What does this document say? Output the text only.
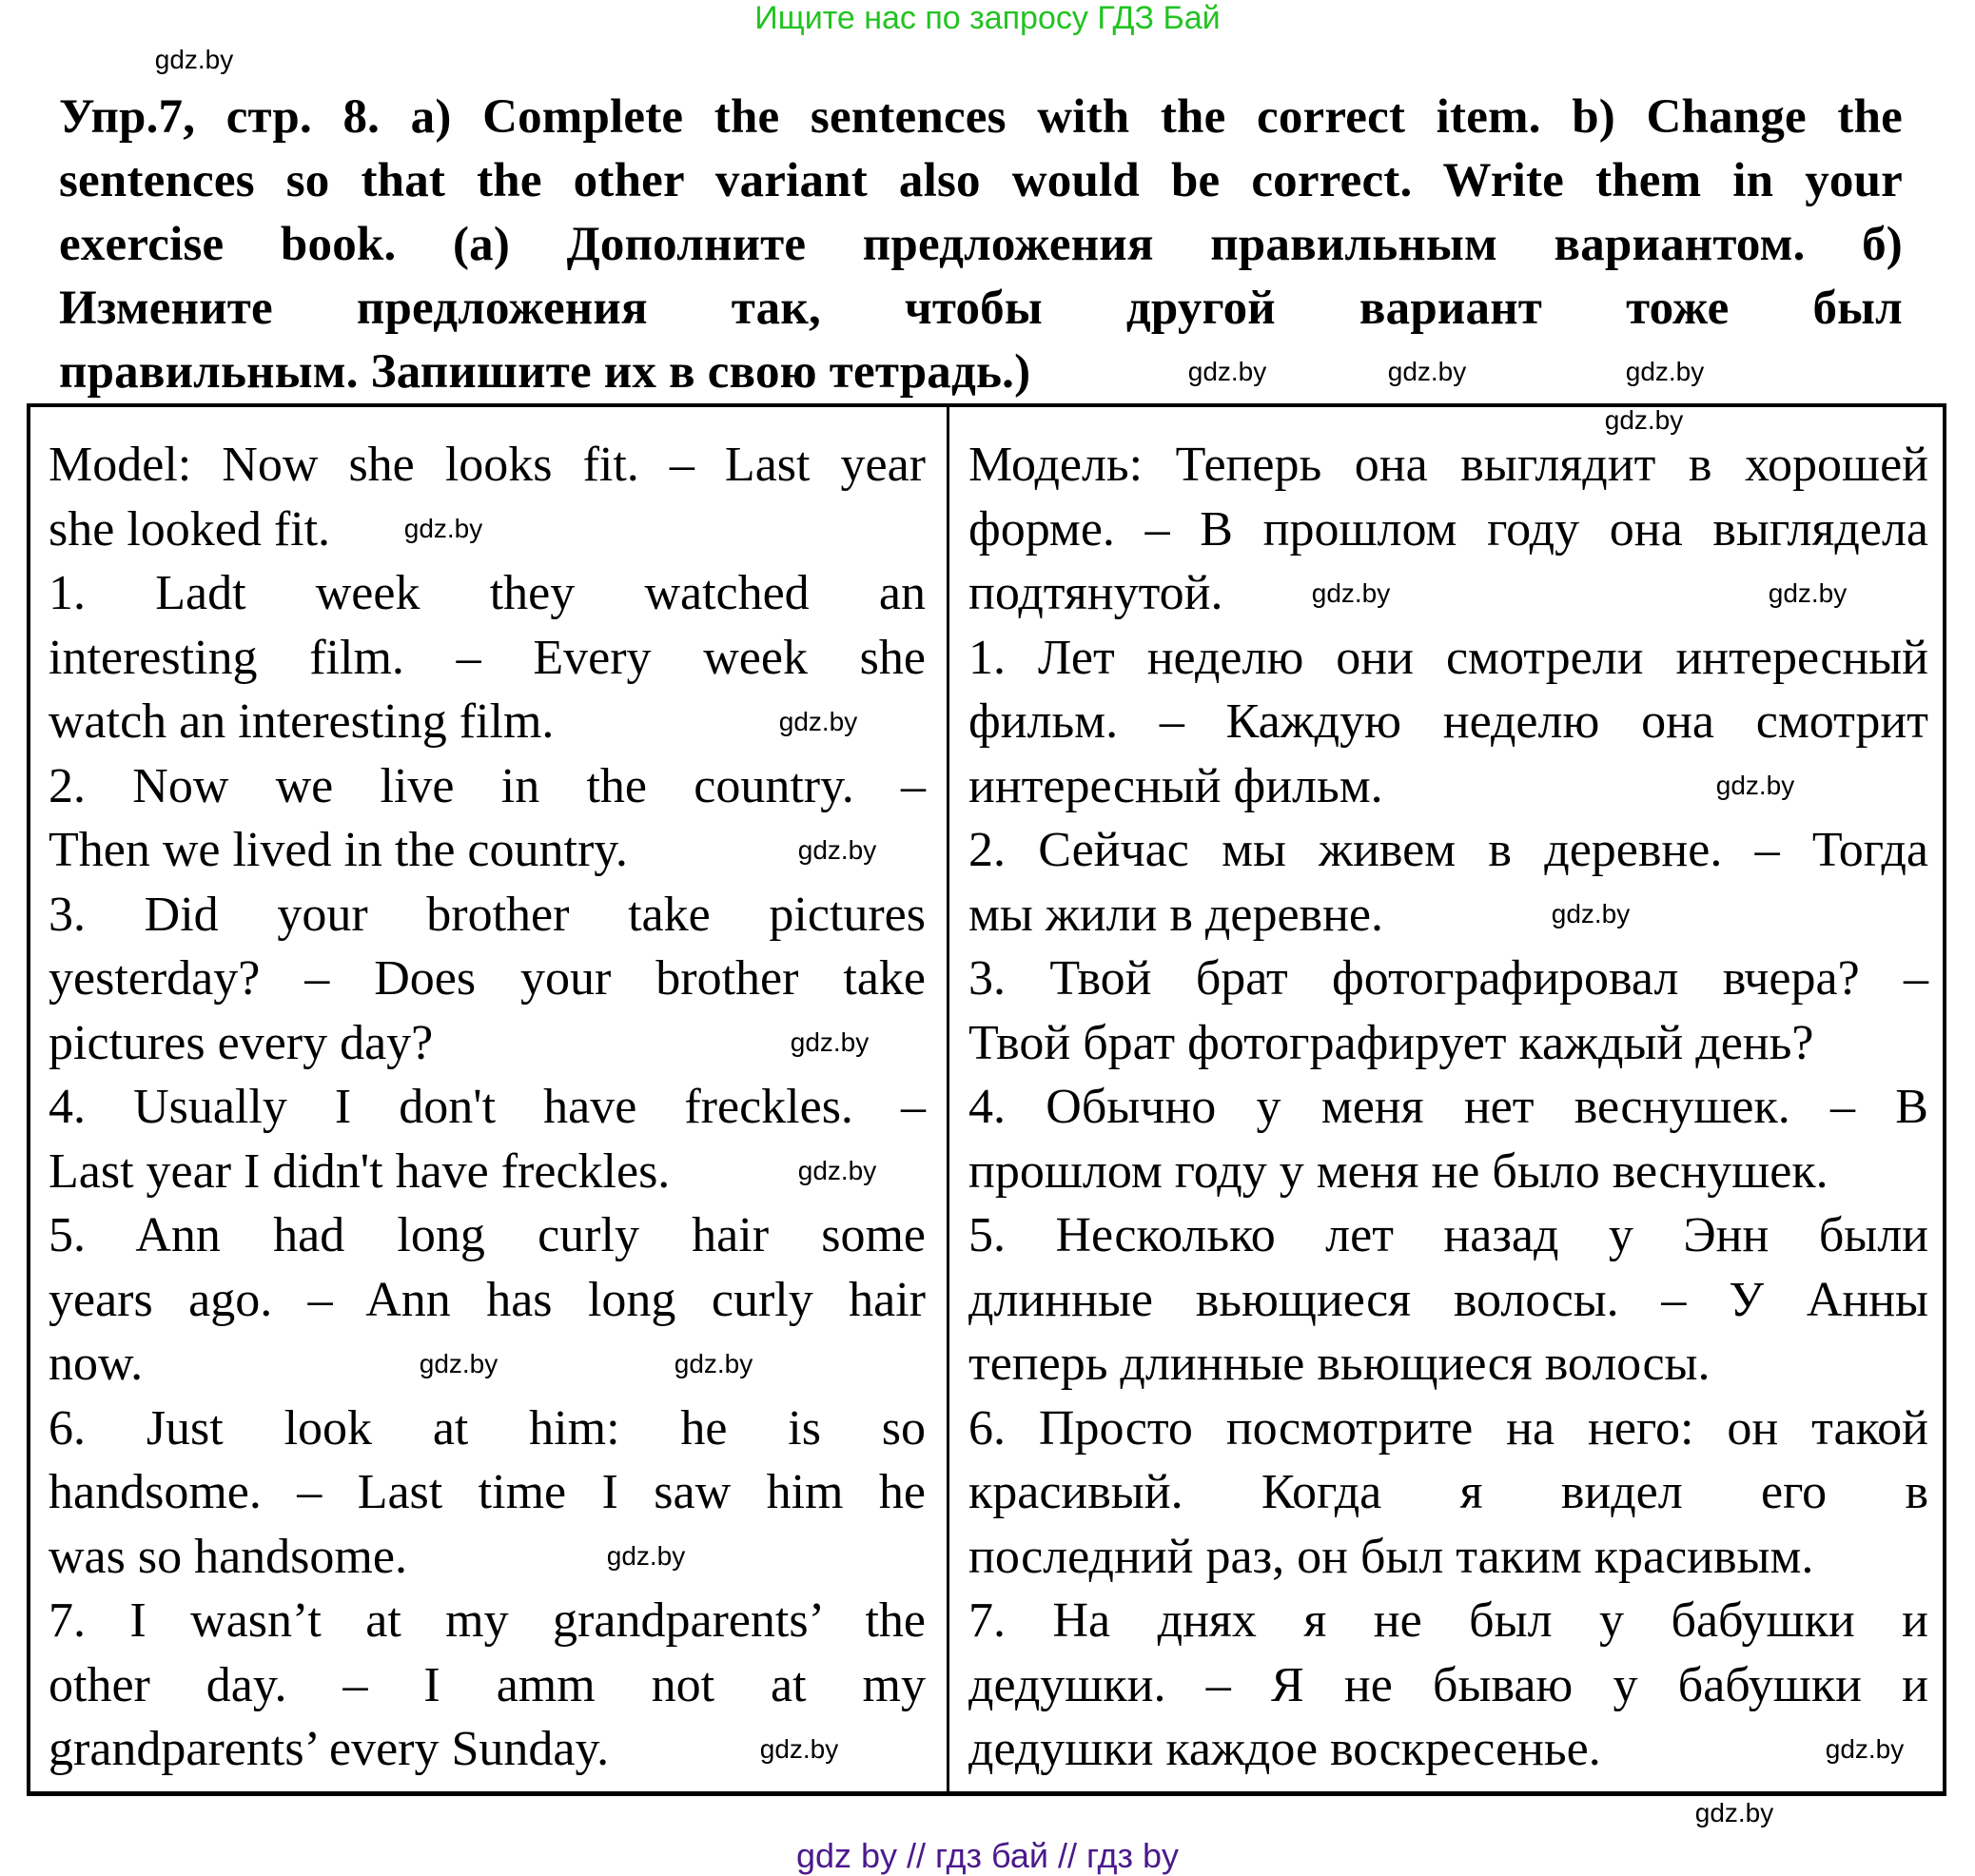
Ищите нас по запросу ГДЗ Бай
Упр.7, стр. 8. a) Complete the sentences with the correct item. b) Change the
sentences so that the other variant also would be correct. Write them in your
exercise book. (а) Дополните предложения правильным вариантом. б)
Измените предложения так, чтобы другой вариант тоже был
правильным. Запишите их в свою тетрадь.)
Model: Now she looks fit. – Last year
she looked fit.
1. Ladt week they watched an
interesting film. – Every week she
watch an interesting film.
2. Now we live in the country. –
Then we lived in the country.
3. Did your brother take pictures
yesterday? – Does your brother take
pictures every day?
4. Usually I don't have freckles. –
Last year I didn't have freckles.
5. Ann had long curly hair some
years ago. – Ann has long curly hair
now.
6. Just look at him: he is so
handsome. – Last time I saw him he
was so handsome.
7. I wasn’t at my grandparents’ the
other day. – I amm not at my
grandparents’ every Sunday.
Модель: Теперь она выглядит в хорошей
форме. – В прошлом году она выглядела
подтянутой.
1. Лет неделю они смотрели интересный
фильм. – Каждую неделю она смотрит
интересный фильм.
2. Сейчас мы живем в деревне. – Тогда
мы жили в деревне.
3. Твой брат фотографировал вчера? –
Твой брат фотографирует каждый день?
4. Обычно у меня нет веснушек. – В
прошлом году у меня не было веснушек.
5. Несколько лет назад у Энн были
длинные вьющиеся волосы. – У Анны
теперь длинные вьющиеся волосы.
6. Просто посмотрите на него: он такой
красивый. Когда я видел его в
последний раз, он был таким красивым.
7. На днях я не был у бабушки и
дедушки. – Я не бываю у бабушки и
дедушки каждое воскресенье.
gdz.by
gdz.by	gdz.by
gdz.by
gdz.by
gdz.by
gdz.by
gdz.by	gdz.by
gdz.by
gdz.by
gdz.by
gdz.by
gdz.by
gdz.by	gdz.by
gdz.by
gdz.by
gdz.by
gdz.by
gdz by // гдз бай // гдз by
